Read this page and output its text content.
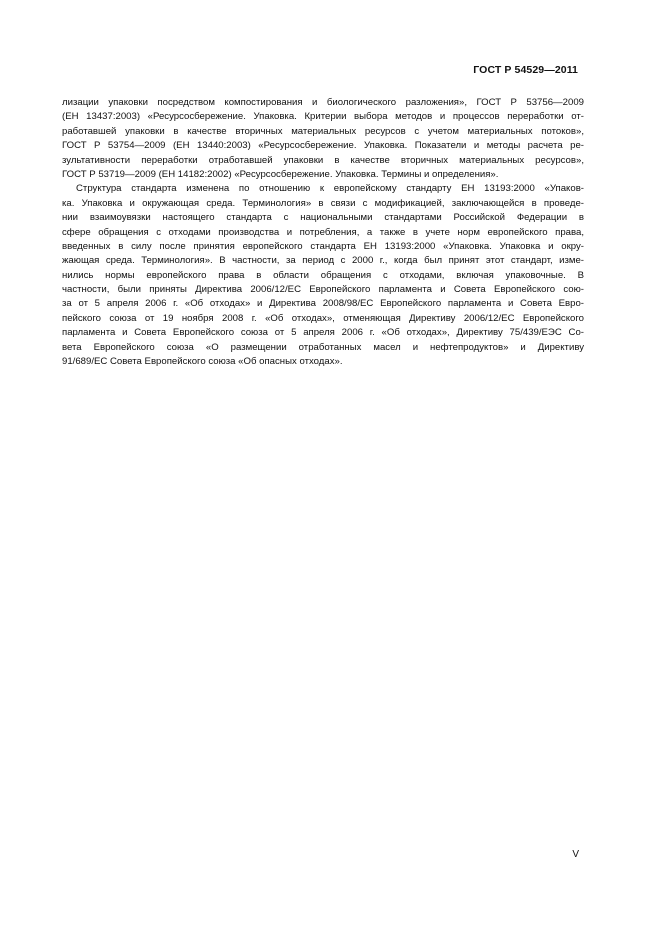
ГОСТ Р 54529—2011
лизации упаковки посредством компостирования и биологического разложения», ГОСТ Р 53756—2009
(ЕН 13437:2003) «Ресурсосбережение. Упаковка. Критерии выбора методов и процессов переработки от-
работавшей упаковки в качестве вторичных материальных ресурсов с учетом материальных потоков»,
ГОСТ Р 53754—2009 (ЕН 13440:2003) «Ресурсосбережение. Упаковка. Показатели и методы расчета ре-
зультативности переработки отработавшей упаковки в качестве вторичных материальных ресурсов»,
ГОСТ Р 53719—2009 (ЕН 14182:2002) «Ресурсосбережение. Упаковка. Термины и определения».
Структура стандарта изменена по отношению к европейскому стандарту ЕН 13193:2000 «Упаков-
ка. Упаковка и окружающая среда. Терминология» в связи с модификацией, заключающейся в проведе-
нии взаимоувязки настоящего стандарта с национальными стандартами Российской Федерации в
сфере обращения с отходами производства и потребления, а также в учете норм европейского права,
введенных в силу после принятия европейского стандарта ЕН 13193:2000 «Упаковка. Упаковка и окру-
жающая среда. Терминология». В частности, за период с 2000 г., когда был принят этот стандарт, изме-
нились нормы европейского права в области обращения с отходами, включая упаковочные. В
частности, были приняты Директива 2006/12/ЕС Европейского парламента и Совета Европейского сою-
за от 5 апреля 2006 г. «Об отходах» и Директива 2008/98/ЕС Европейского парламента и Совета Евро-
пейского союза от 19 ноября 2008 г. «Об отходах», отменяющая Директиву 2006/12/ЕС Европейского
парламента и Совета Европейского союза от 5 апреля 2006 г. «Об отходах», Директиву 75/439/ЕЭС Со-
вета Европейского союза «О размещении отработанных масел и нефтепродуктов» и Директиву
91/689/ЕС Совета Европейского союза «Об опасных отходах».
V
